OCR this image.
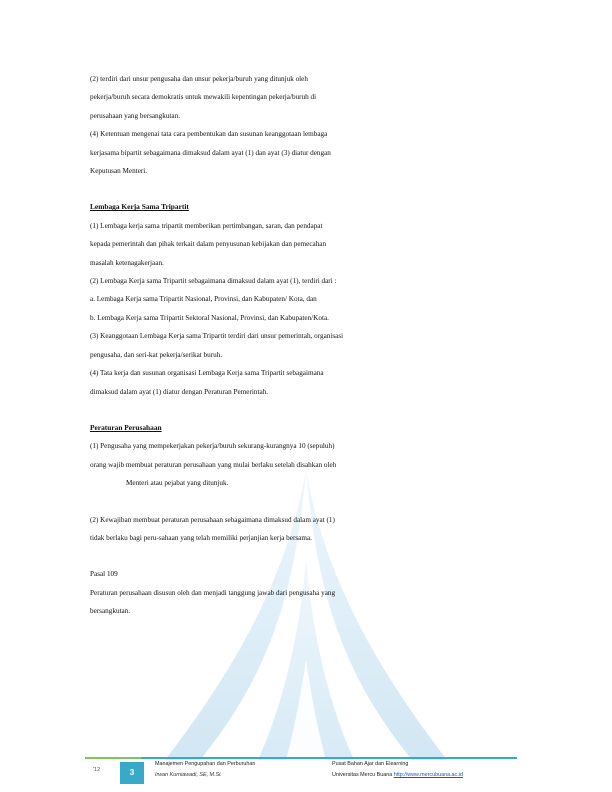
(2) terdiri dari unsur pengusaha dan unsur pekerja/buruh yang ditunjuk oleh

pekerja/buruh secara demokratis untuk mewakili kepentingan pekerja/buruh di

perusahaan yang bersangkutan.

(4) Ketentuan mengenai tata cara pembentukan dan susunan keanggotaan lembaga

kerjasama bipartit sebagaimana dimaksud dalam ayat (1) dan ayat (3) diatur dengan

Keputusan Menteri.

Lembaga Kerja Sama Tripartit

(1) Lembaga kerja sama tripartit memberikan pertimbangan, saran, dan pendapat

kepada pemerintah dan pihak terkait dalam penyusunan kebijakan dan pemecahan

masalah ketenagakerjaan.

(2) Lembaga Kerja sama Tripartit sebagaimana dimaksud dalam ayat (1), terdiri dari :

a. Lembaga Kerja sama Tripartit Nasional, Provinsi, dan Kabupaten/ Kota, dan

b. Lembaga Kerja sama Tripartit Sektoral Nasional, Provinsi, dan Kabupaten/Kota.

(3) Keanggotaan Lembaga Kerja sama Tripartit terdiri dari unsur pemerintah, organisasi

pengusaha, dan seri-kat pekerja/serikat buruh.

(4) Tata kerja dan susunan organisasi Lembaga Kerja sama Tripartit sebagaimana

dimaksud dalam ayat (1) diatur dengan Peraturan Pemerintah.

Peraturan Perusahaan

(1) Pengusaha yang mempekerjakan pekerja/buruh sekurang-kurangnya 10 (sepuluh)

orang wajib membuat peraturan perusahaan yang mulai berlaku setelah disahkan oleh

Menteri atau pejabat yang ditunjuk.

(2) Kewajiban membuat peraturan perusahaan sebagaimana dimaksud dalam ayat (1)

tidak berlaku bagi peru-sahaan yang telah memiliki perjanjian kerja bersama.

Pasal 109

Peraturan perusahaan disusun oleh dan menjadi tanggung jawab dari pengusaha yang

bersangkutan.

'12	3
Manajemen Pengupahan dan Perburuhan
Irwan Kurniawadi, SE, M.Si.
Pusat Bahan Ajar dan Elearning
Universitas Mercu Buana http://www.mercubuana.ac.id
